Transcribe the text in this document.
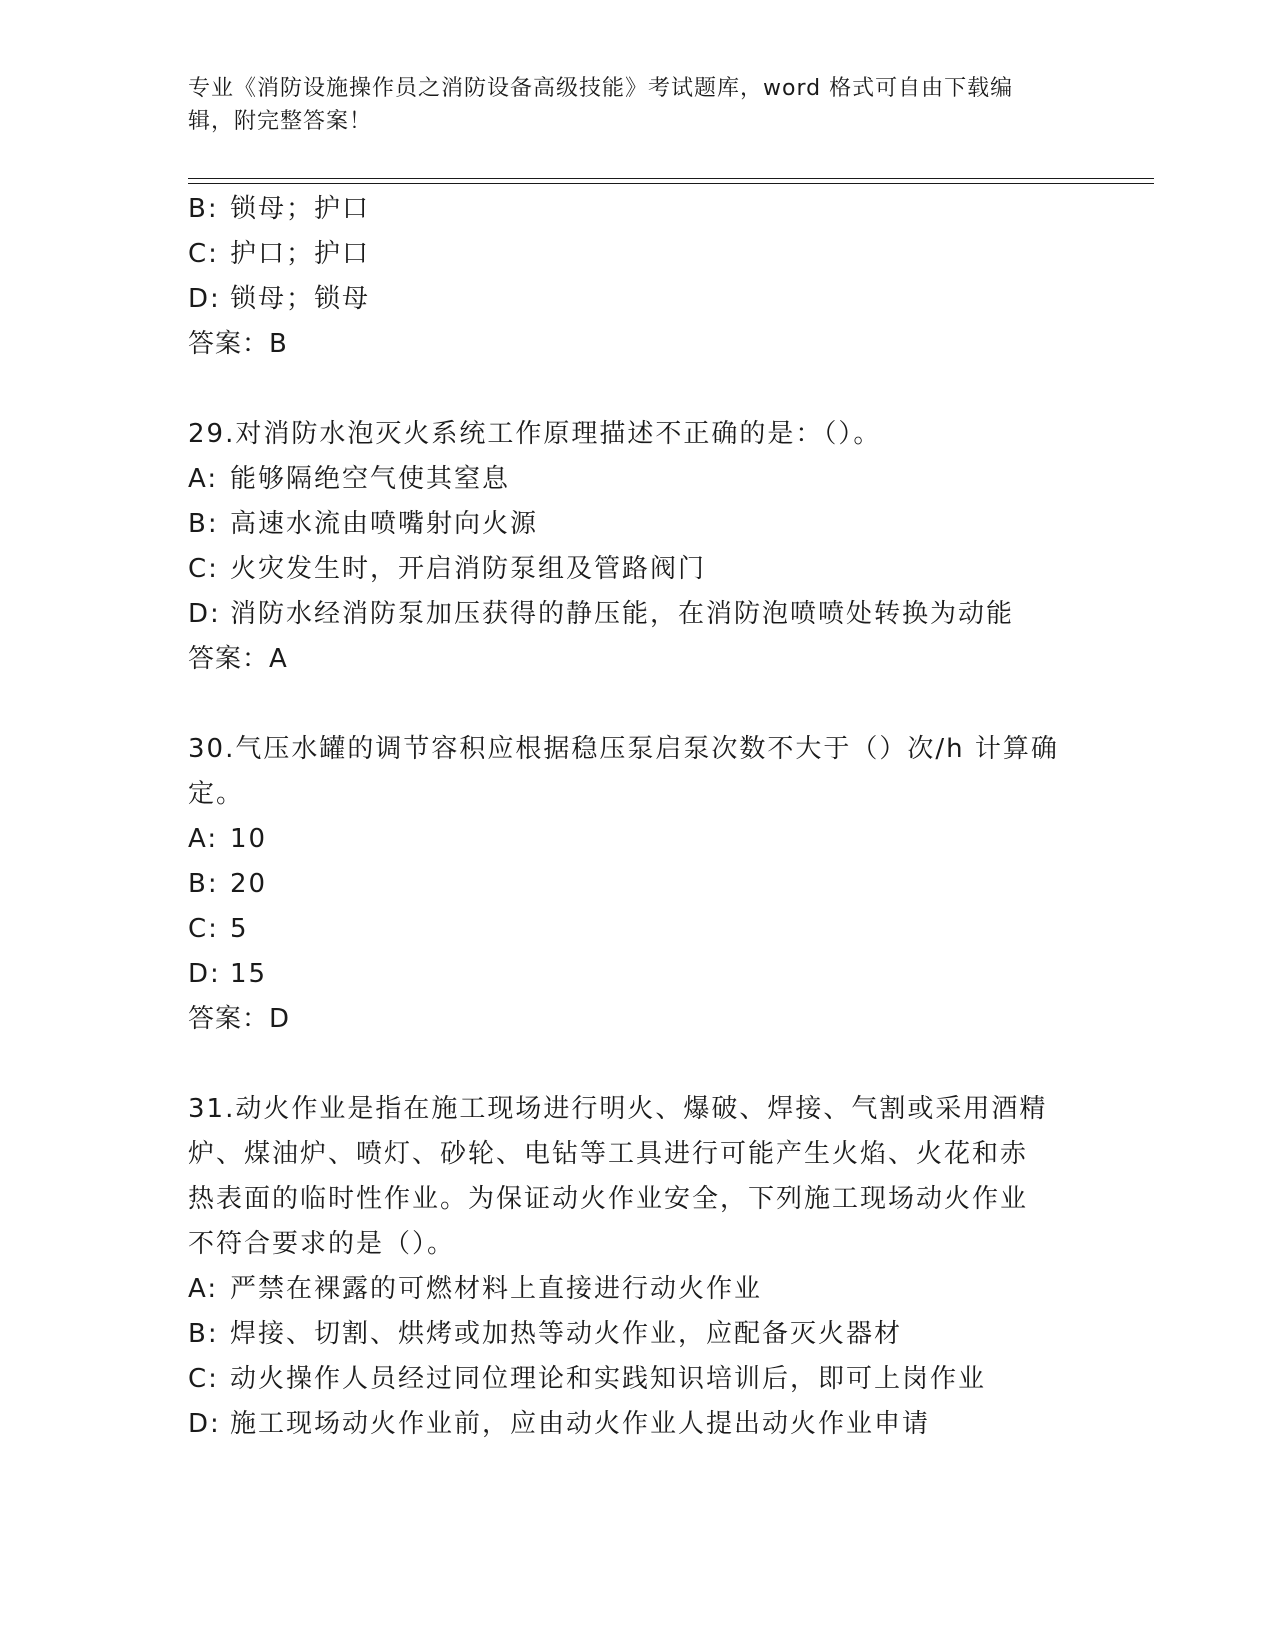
专业《消防设施操作员之消防设备高级技能》考试题库，word 格式可自由下载编
辑，附完整答案！
B: 锁母；护口
C: 护口；护口
D: 锁母；锁母
答案：B
29.对消防水泡灭火系统工作原理描述不正确的是：（）。
A: 能够隔绝空气使其窒息
B: 高速水流由喷嘴射向火源
C: 火灾发生时，开启消防泵组及管路阀门
D: 消防水经消防泵加压获得的静压能，在消防泡喷喷处转换为动能
答案：A
30.气压水罐的调节容积应根据稳压泵启泵次数不大于（）次/h 计算确
定。
A: 10
B: 20
C: 5
D: 15
答案：D
31.动火作业是指在施工现场进行明火、爆破、焊接、气割或采用酒精
炉、煤油炉、喷灯、砂轮、电钻等工具进行可能产生火焰、火花和赤
热表面的临时性作业。为保证动火作业安全，下列施工现场动火作业
不符合要求的是（）。
A: 严禁在裸露的可燃材料上直接进行动火作业
B: 焊接、切割、烘烤或加热等动火作业，应配备灭火器材
C: 动火操作人员经过同位理论和实践知识培训后，即可上岗作业
D: 施工现场动火作业前，应由动火作业人提出动火作业申请
